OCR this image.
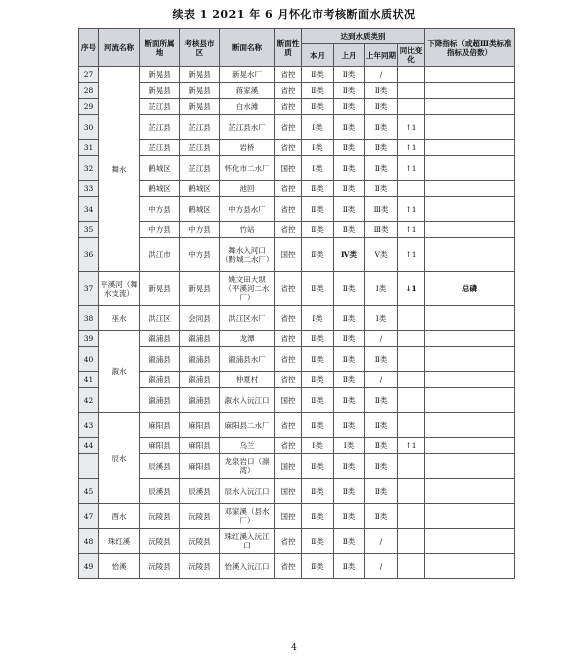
续表 1 2021 年 6 月怀化市考核断面水质状况
序号	河流名称	断面所属地	考核县市区	断面名称	断面性质	达到水质类别				下降指标（或超Ⅲ类标准指标及倍数）
						本月	上月	上年同期	同比变化	
27	舞水	新晃县	新晃县	新晃水厂	省控	Ⅱ类	Ⅱ类	/		
28		新晃县	新晃县	蒋家溪	省控	Ⅱ类	Ⅱ类	Ⅱ类		
29		芷江县	新晃县	白水滩	省控	Ⅱ类	Ⅱ类	Ⅱ类		
30		芷江县	芷江县	芷江县水厂	省控	Ⅰ类	Ⅱ类	Ⅱ类	↑1	
31		芷江县	芷江县	岩桥	省控	Ⅰ类	Ⅱ类	Ⅱ类	↑1	
32		鹤城区	芷江县	怀化市二水厂	国控	Ⅰ类	Ⅱ类	Ⅱ类	↑1	
33		鹤城区	鹤城区	池回	省控	Ⅱ类	Ⅱ类	Ⅱ类		
34		中方县	鹤城区	中方县水厂	省控	Ⅱ类	Ⅱ类	Ⅲ类	↑1	
35		中方县	中方县	竹站	省控	Ⅱ类	Ⅱ类	Ⅲ类	↑1	
36		洪江市	中方县	舞水入河口（黔城二水厂）	国控	Ⅱ类	Ⅳ类	Ⅴ类	↑1	
37	平溪河（舞水支流）	新晃县	新晃县	姚文田大坝（平溪河二水厂）	省控	Ⅱ类	Ⅱ类	Ⅰ类	↓1	总磷
38	巫水	洪江区	会同县	洪江区水厂	省控	Ⅰ类	Ⅱ类	Ⅰ类		
39	溆水	溆浦县	溆浦县	龙潭	省控	Ⅱ类	Ⅱ类	/		
40		溆浦县	溆浦县	溆浦县水厂	省控	Ⅱ类	Ⅱ类	Ⅱ类		
41		溆浦县	溆浦县	仲夏村	省控	Ⅱ类	Ⅱ类	/		
42		溆浦县	溆浦县	溆水入沅江口	国控	Ⅱ类	Ⅱ类	Ⅱ类		
43	辰水	麻阳县	麻阳县	麻阳县二水厂	省控	Ⅱ类	Ⅱ类	Ⅱ类		
44		麻阳县	麻阳县	乌兰	省控	Ⅰ类	Ⅰ类	Ⅱ类	↑1	
		辰溪县	麻阳县	龙泉岩口（凛湾）	国控	Ⅱ类	Ⅱ类	Ⅱ类		
45		辰溪县	辰溪县	辰水入沅江口	国控	Ⅱ类	Ⅱ类	Ⅱ类		
47	酉水	沅陵县	沅陵县	邓家溪（县水厂）	国控	Ⅱ类	Ⅱ类	Ⅱ类		
48	珠红溪	沅陵县	沅陵县	珠红溪入沅江口	省控	Ⅱ类	Ⅱ类	/		
49	怡溪	沅陵县	沅陵县	怡溪入沅江口	省控	Ⅱ类	Ⅱ类	/		
4
